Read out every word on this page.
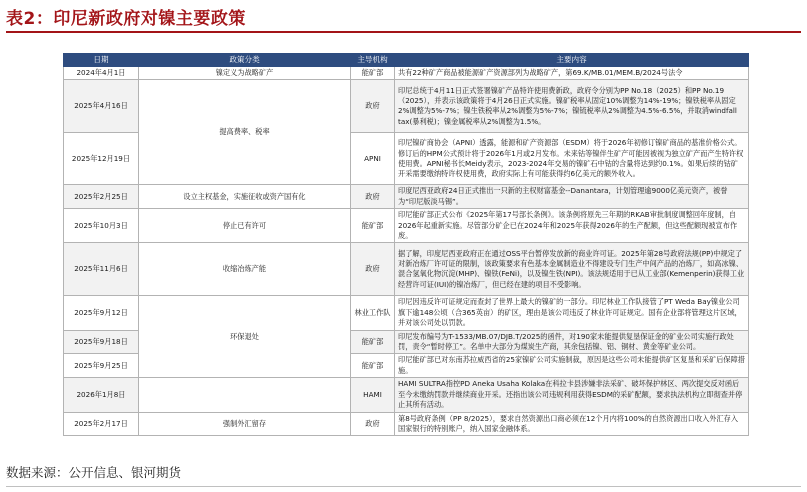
表2：印尼新政府对镍主要政策
日期	政策分类	主导机构	主要内容
2024年4月1日	镍定义为战略矿产	能矿部	共有22种矿产商品被能源矿产资源部列为战略矿产，第69.K/MB.01/MEM.B/2024号法令
2025年4月16日	提高费率、税率	政府	印尼总统于4月11日正式签署镍矿产品特许使用费新政，政府令分别为PP No.18（2025）和PP No.19（2025），并表示该政策将于4月26日正式实施。镍矿税率从固定10%调整为14%-19%；镍铁税率从固定2%调整为5%-7%；镍生铁税率从2%调整为5%-7%；镍锍税率从2%调整为4.5%-6.5%，并取消windfall tax(暴利税)；镍金属税率从2%调整为1.5%。
2025年12月19日		APNI	印尼镍矿商协会（APNI）透露，能源和矿产资源部（ESDM）将于2026年初修订镍矿商品的基准价格公式。修订后的HPM公式预计将于2026年1月或2月发布。未来钴等镍伴生矿产可能因被视为独立矿产而产生特许权使用费。APNI秘书长Meidy表示，2023-2024年交易的镍矿石中钴的含量将达到约0.1%。如果后续的钴矿开采需要缴纳特许权使用费，政府实际上有可能获得约6亿美元的额外收入。
2025年2月25日	设立主权基金，实施征收或资产国有化	政府	印度尼西亚政府24日正式推出一只新的主权财富基金--Danantara，计划管理逾9000亿美元资产，被誉为“印尼版淡马锡”。
2025年10月3日	停止已有许可	能矿部	印尼能矿部正式公布《2025年第17号部长条例》。该条例将原先三年期的RKAB审批制度调整回年度制，自2026年起重新实施。尽管部分矿企已在2024年和2025年获得2026年的生产配额，但这些配额现被宣布作废。
2025年11月6日	收缩冶炼产能	政府	据了解，印度尼西亚政府正在通过OSS平台暂停发放新的商业许可证。2025年第28号政府法规(PP)中规定了对新冶炼厂许可证的限制，该政策要求有色基本金属制造业不得建设专门生产中间产品的冶炼厂，如高冰镍、混合氢氧化物沉淀(MHP)、镍铁(FeNi)，以及镍生铁(NPI)。该法规适用于已从工业部(Kemenperin)获得工业经营许可证(IUI)的镍冶炼厂，但已经在建的项目不受影响。
2025年9月12日	环保退处	林业工作队	印尼因违反许可证规定而查封了世界上最大的镍矿的一部分。印尼林业工作队接管了PT Weda Bay镍业公司旗下逾148公顷（合365英亩）的矿区，理由是该公司违反了林业许可证规定。国有企业部将管理这片区域，并对该公司处以罚款。
2025年9月18日		能矿部	印尼发布编号为T-1533/MB.07/DJB.T/2025的函件，对190家未能提供复垦保证金的矿业公司实施行政处罚，责令“暂时停工”。名单中大部分为煤炭生产商，其余包括镍、铝、铜材、黄金等矿业公司。
2025年9月25日		能矿部	印尼能矿部已对东南苏拉威西省的25家镍矿公司实施制裁，原因是这些公司未能提供矿区复垦和采矿后保障措施。
2026年1月8日		HAMI	HAMI SULTRA指控PD Aneka Usaha Kolaka在科拉卡县涉嫌非法采矿、破坏保护林区、两次提交反对函后至今未缴纳罚款并继续商业开采。还指出该公司违规利用获得ESDM的采矿配额，要求执法机构立即彻查并停止其所有活动。
2025年2月17日	强制外汇留存	政府	第8号政府条例（PP 8/2025），要求自然资源出口商必须在12个月内将100%的自然资源出口收入外汇存入国家银行的特别账户，纳入国家金融体系。
数据来源：公开信息、银河期货
